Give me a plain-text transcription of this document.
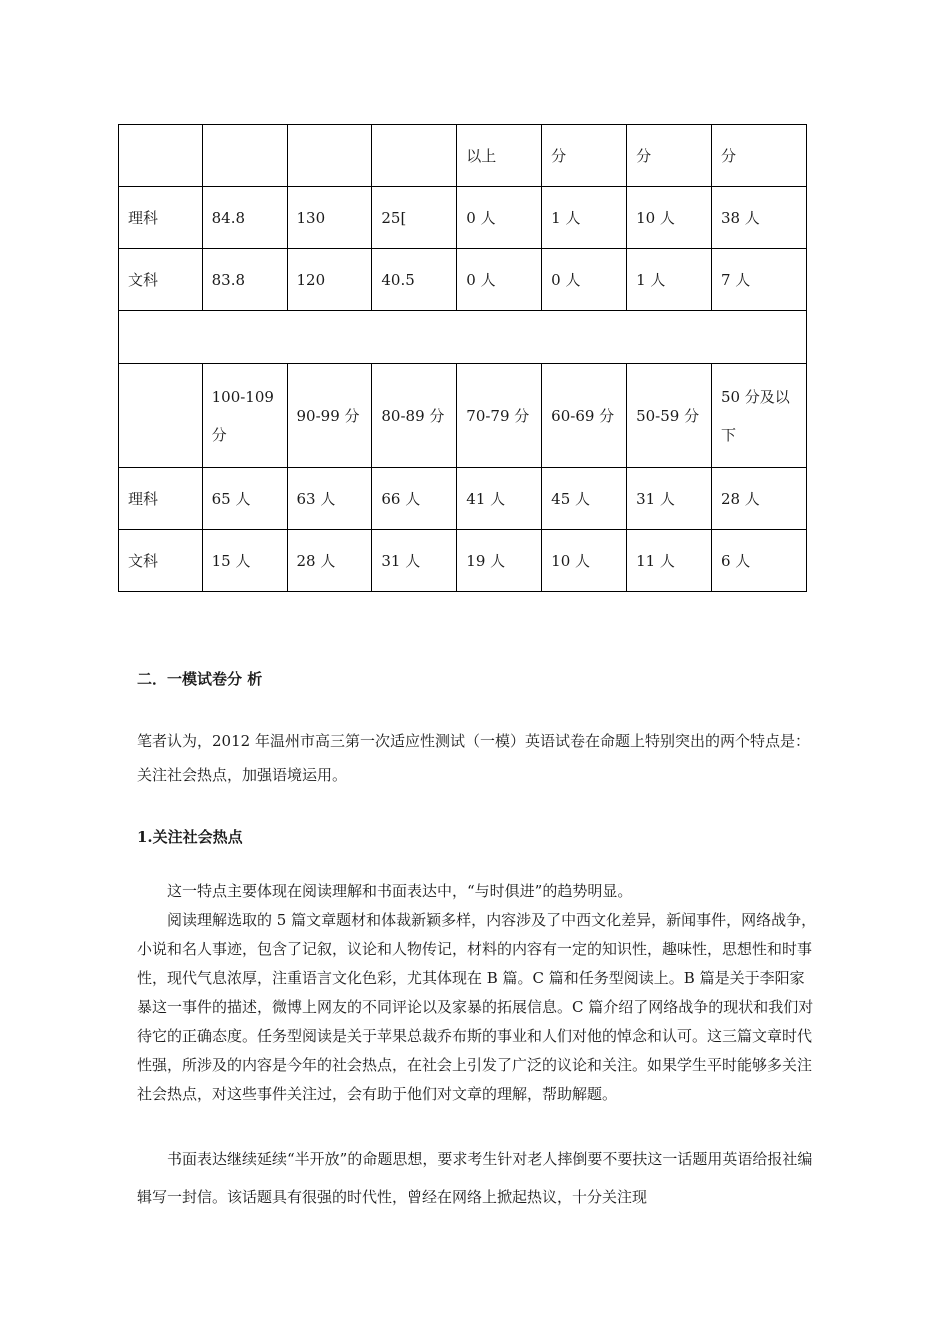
				以上	分	分	分
理科	84.8	130	25[	0 人	1 人	10 人	38 人
文科	83.8	120	40.5	0 人	0 人	1 人	7 人

	100-109 分	90-99 分	80-89 分	70-79 分	60-69 分	50-59 分	50 分及以下
理科	65 人	63 人	66 人	41 人	45 人	31 人	28 人
文科	15 人	28 人	31 人	19 人	10 人	11 人	6 人
二．一模试卷分 析
笔者认为，2012 年温州市高三第一次适应性测试（一模）英语试卷在命题上特别突出的两个特点是：关注社会热点，加强语境运用。
1.关注社会热点

这一特点主要体现在阅读理解和书面表达中，“与时俱进”的趋势明显。

阅读理解选取的 5 篇文章题材和体裁新颖多样，内容涉及了中西文化差异，新闻事件，网络战争，小说和名人事迹，包含了记叙，议论和人物传记，材料的内容有一定的知识性，趣味性，思想性和时事性，现代气息浓厚，注重语言文化色彩，尤其体现在 B 篇。C 篇和任务型阅读上。B 篇是关于李阳家暴这一事件的描述，微博上网友的不同评论以及家暴的拓展信息。C 篇介绍了网络战争的现状和我们对待它的正确态度。任务型阅读是关于苹果总裁乔布斯的事业和人们对他的悼念和认可。这三篇文章时代性强，所涉及的内容是今年的社会热点，在社会上引发了广泛的议论和关注。如果学生平时能够多关注社会热点，对这些事件关注过，会有助于他们对文章的理解，帮助解题。

书面表达继续延续“半开放”的命题思想，要求考生针对老人摔倒要不要扶这一话题用英语给报社编辑写一封信。该话题具有很强的时代性，曾经在网络上掀起热议，十分关注现
